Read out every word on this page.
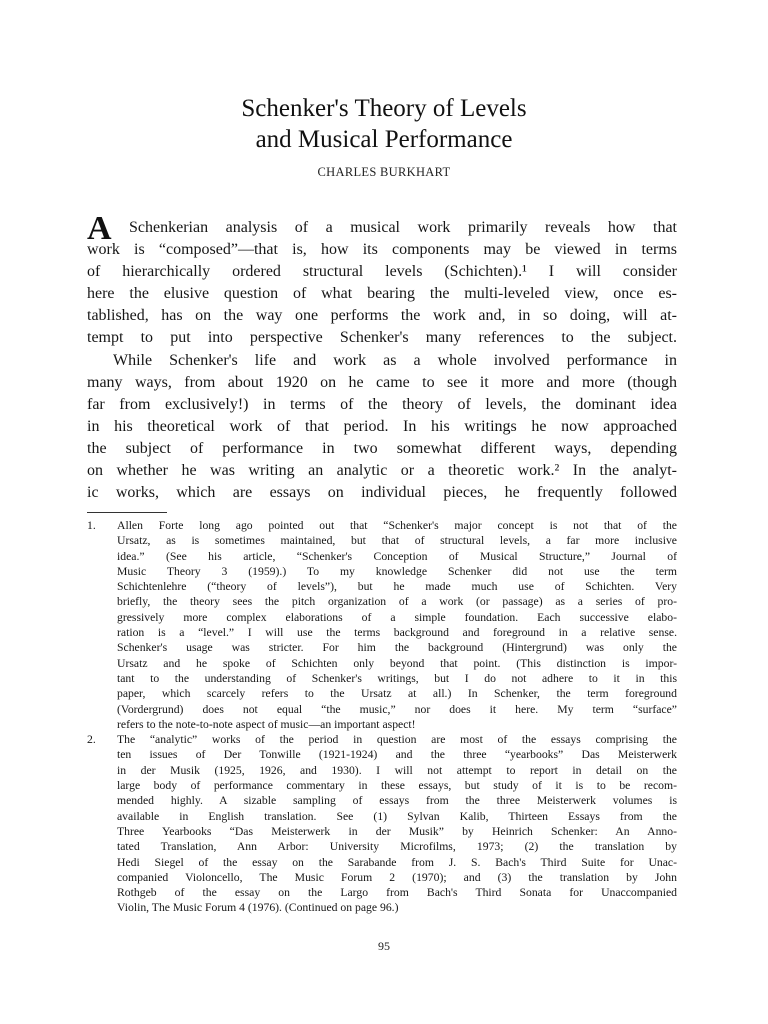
Schenker's Theory of Levels
and Musical Performance
CHARLES BURKHART
A Schenkerian analysis of a musical work primarily reveals how that
work is “composed”—that is, how its components may be viewed in terms
of hierarchically ordered structural levels (Schichten).¹ I will consider
here the elusive question of what bearing the multi-leveled view, once es-
tablished, has on the way one performs the work and, in so doing, will at-
tempt to put into perspective Schenker's many references to the subject.
While Schenker's life and work as a whole involved performance in
many ways, from about 1920 on he came to see it more and more (though
far from exclusively!) in terms of the theory of levels, the dominant idea
in his theoretical work of that period. In his writings he now approached
the subject of performance in two somewhat different ways, depending
on whether he was writing an analytic or a theoretic work.² In the analyt-
ic works, which are essays on individual pieces, he frequently followed
1.	Allen Forte long ago pointed out that “Schenker's major concept is not that of the
Ursatz, as is sometimes maintained, but that of structural levels, a far more inclusive
idea.” (See his article, “Schenker's Conception of Musical Structure,” Journal of
Music Theory 3 (1959).) To my knowledge Schenker did not use the term
Schichtenlehre (“theory of levels”), but he made much use of Schichten. Very
briefly, the theory sees the pitch organization of a work (or passage) as a series of pro-
gressively more complex elaborations of a simple foundation. Each successive elabo-
ration is a “level.” I will use the terms background and foreground in a relative sense.
Schenker's usage was stricter. For him the background (Hintergrund) was only the
Ursatz and he spoke of Schichten only beyond that point. (This distinction is impor-
tant to the understanding of Schenker's writings, but I do not adhere to it in this
paper, which scarcely refers to the Ursatz at all.) In Schenker, the term foreground
(Vordergrund) does not equal “the music,” nor does it here. My term “surface”
refers to the note-to-note aspect of music—an important aspect!
2.	The “analytic” works of the period in question are most of the essays comprising the
ten issues of Der Tonwille (1921-1924) and the three “yearbooks” Das Meisterwerk
in der Musik (1925, 1926, and 1930). I will not attempt to report in detail on the
large body of performance commentary in these essays, but study of it is to be recom-
mended highly. A sizable sampling of essays from the three Meisterwerk volumes is
available in English translation. See (1) Sylvan Kalib, Thirteen Essays from the
Three Yearbooks “Das Meisterwerk in der Musik” by Heinrich Schenker: An Anno-
tated Translation, Ann Arbor: University Microfilms, 1973; (2) the translation by
Hedi Siegel of the essay on the Sarabande from J. S. Bach's Third Suite for Unac-
companied Violoncello, The Music Forum 2 (1970); and (3) the translation by John
Rothgeb of the essay on the Largo from Bach's Third Sonata for Unaccompanied
Violin, The Music Forum 4 (1976). (Continued on page 96.)
95
